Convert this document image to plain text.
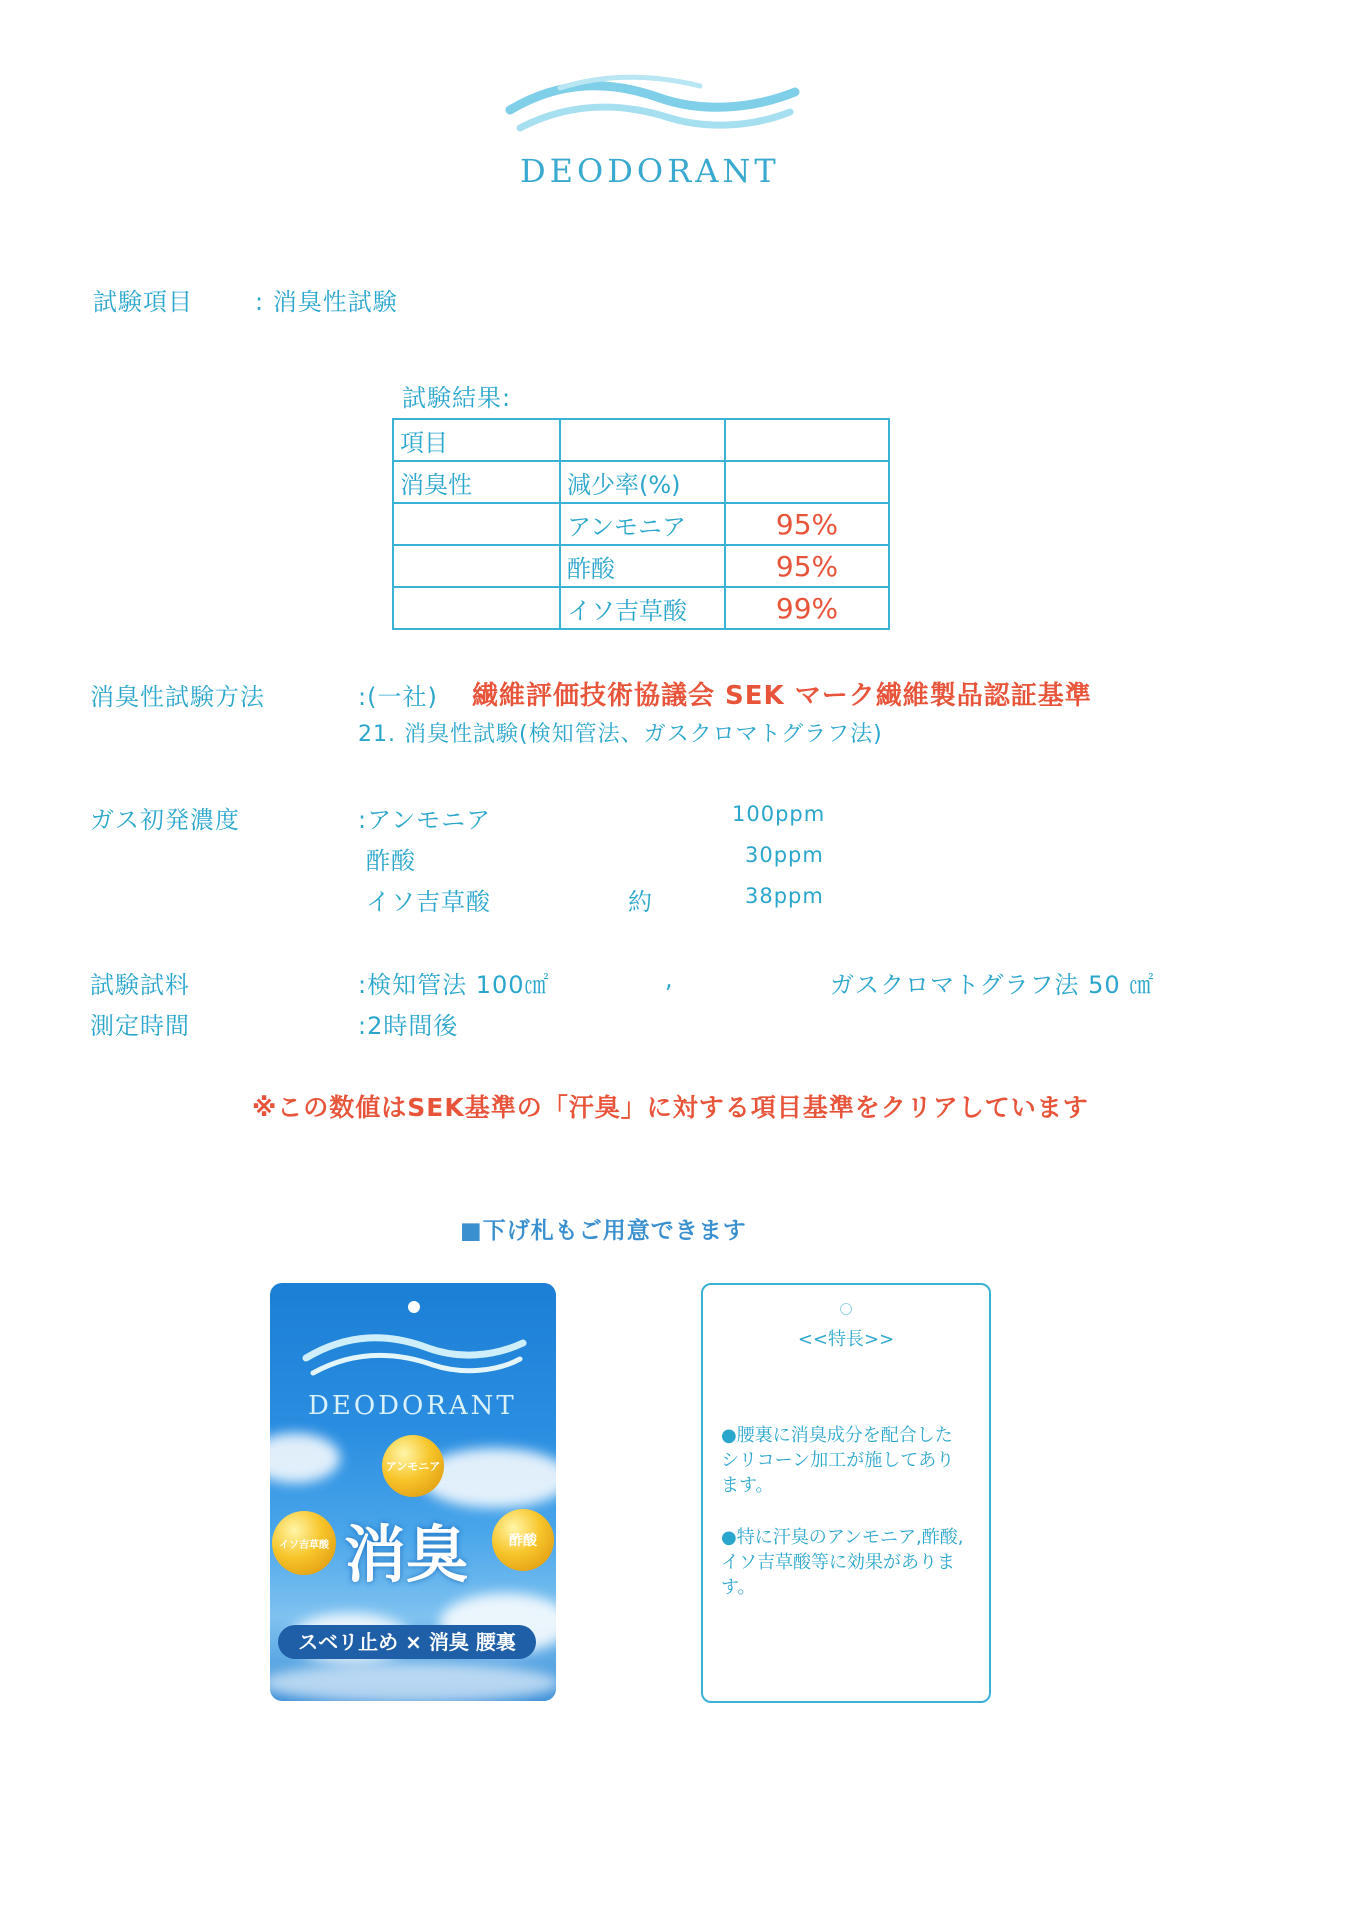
DEODORANT
試験項目	: 消臭性試験
試験結果:
項目		
消臭性	減少率(%)	
	アンモニア	95%
	酢酸	95%
	イソ吉草酸	99%
消臭性試験方法	:(一社) 繊維評価技術協議会 SEK マーク繊維製品認証基準
21. 消臭性試験(検知管法、ガスクロマトグラフ法)
ガス初発濃度	:アンモニア	100ppm
酢酸	30ppm
イソ吉草酸	約	38ppm
試験試料	:検知管法 100㎠	,	ガスクロマトグラフ法 50 ㎠
測定時間	:2時間後
※この数値はSEK基準の「汗臭」に対する項目基準をクリアしています
■下げ札もご用意できます
DEODORANT
アンモニア
イソ吉草酸	酢酸
消臭
スベリ止め × 消臭 腰裏
<<特長>>
●腰裏に消臭成分を配合したシリコーン加工が施してあります。
●特に汗臭のアンモニア,酢酸, イソ吉草酸等に効果があります。
